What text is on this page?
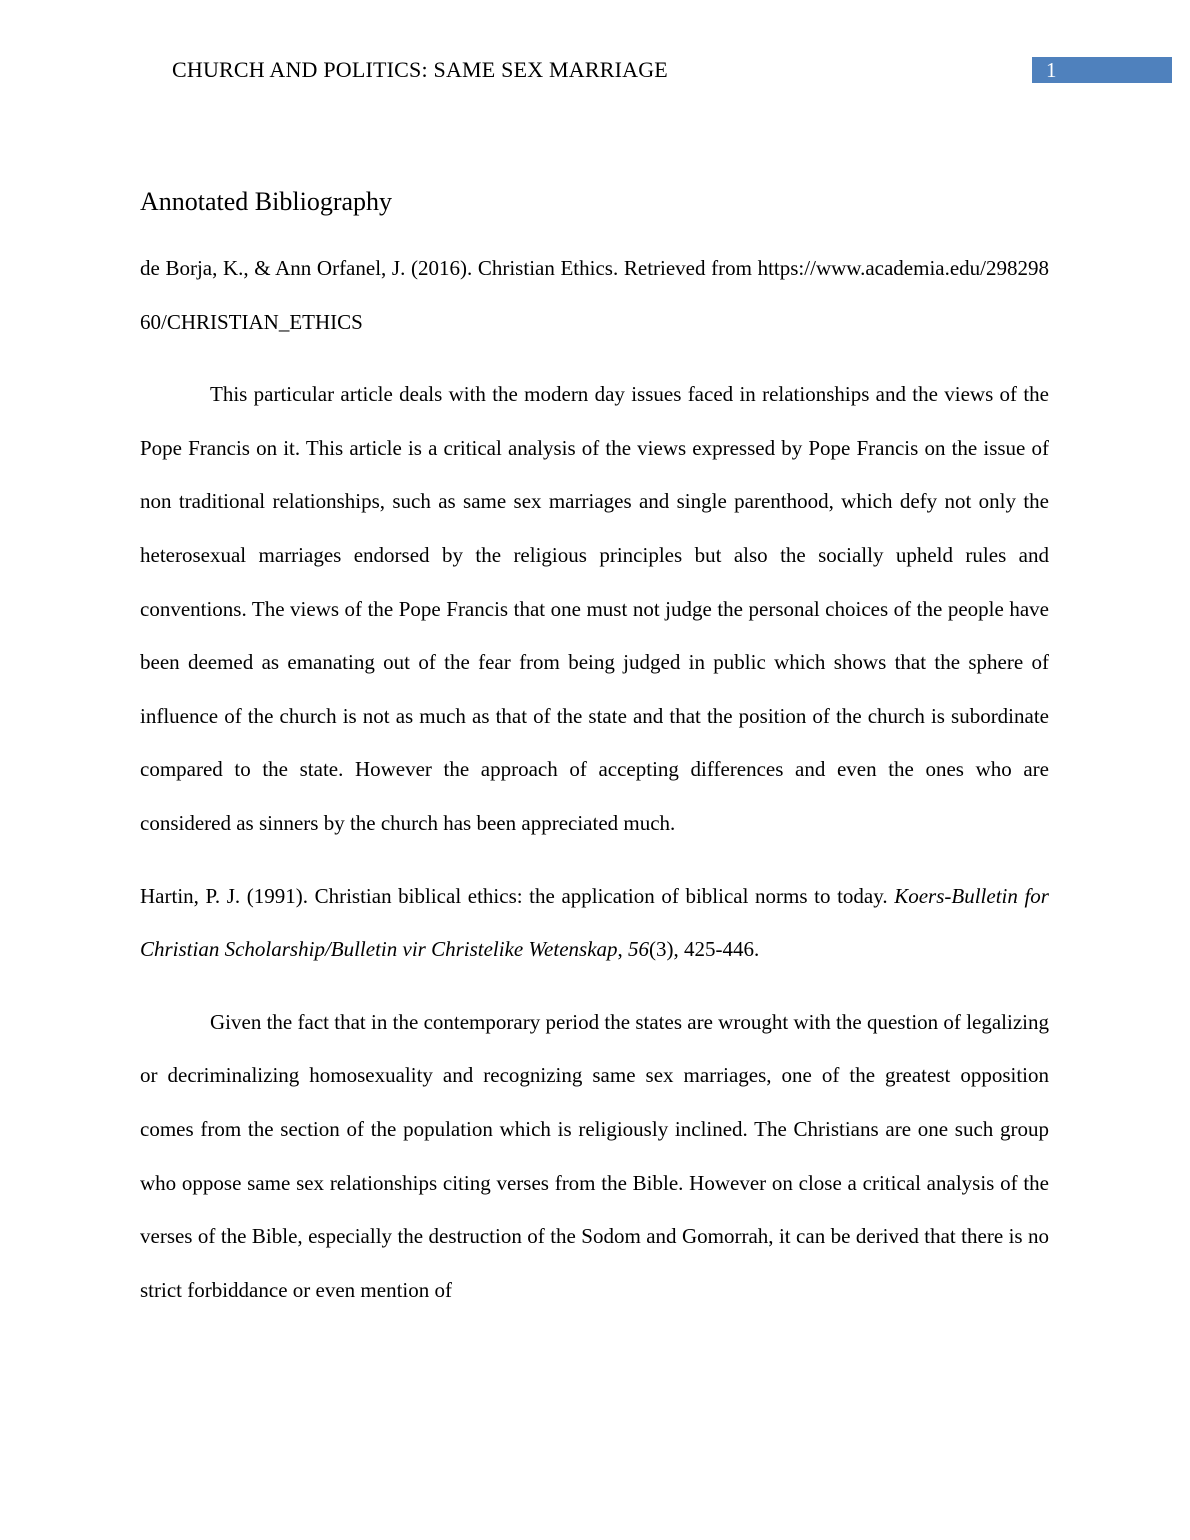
CHURCH AND POLITICS: SAME SEX MARRIAGE	1
Annotated Bibliography

de Borja, K., & Ann Orfanel, J. (2016). Christian Ethics. Retrieved from https://www.academia.edu/29829860/CHRISTIAN_ETHICS

This particular article deals with the modern day issues faced in relationships and the views of the Pope Francis on it. This article is a critical analysis of the views expressed by Pope Francis on the issue of non traditional relationships, such as same sex marriages and single parenthood, which defy not only the heterosexual marriages endorsed by the religious principles but also the socially upheld rules and conventions. The views of the Pope Francis that one must not judge the personal choices of the people have been deemed as emanating out of the fear from being judged in public which shows that the sphere of influence of the church is not as much as that of the state and that the position of the church is subordinate compared to the state. However the approach of accepting differences and even the ones who are considered as sinners by the church has been appreciated much.

Hartin, P. J. (1991). Christian biblical ethics: the application of biblical norms to today. Koers-Bulletin for Christian Scholarship/Bulletin vir Christelike Wetenskap, 56(3), 425-446.

Given the fact that in the contemporary period the states are wrought with the question of legalizing or decriminalizing homosexuality and recognizing same sex marriages, one of the greatest opposition comes from the section of the population which is religiously inclined. The Christians are one such group who oppose same sex relationships citing verses from the Bible. However on close a critical analysis of the verses of the Bible, especially the destruction of the Sodom and Gomorrah, it can be derived that there is no strict forbiddance or even mention of
